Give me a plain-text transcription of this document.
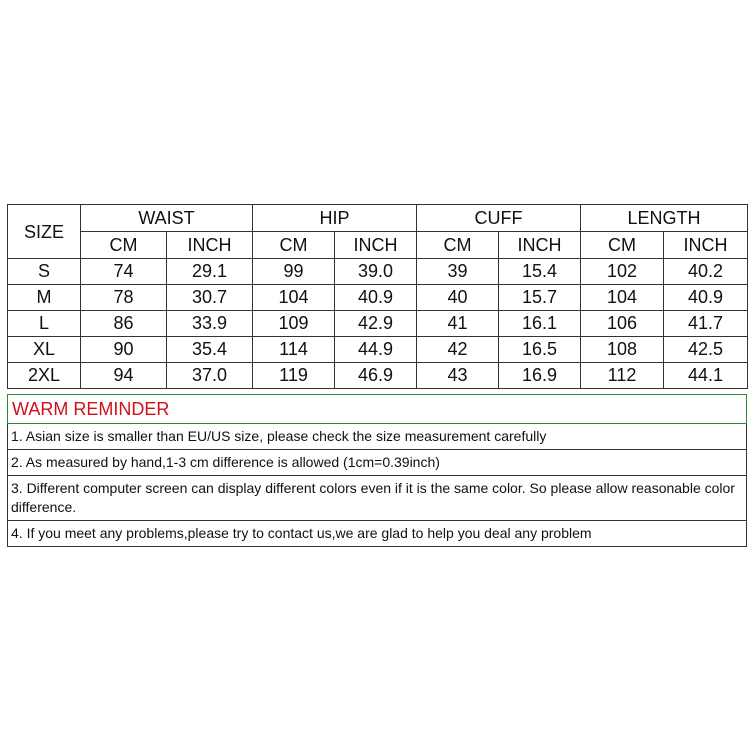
SIZE	WAIST		HIP		CUFF		LENGTH	
	CM	INCH	CM	INCH	CM	INCH	CM	INCH
S	74	29.1	99	39.0	39	15.4	102	40.2
M	78	30.7	104	40.9	40	15.7	104	40.9
L	86	33.9	109	42.9	41	16.1	106	41.7
XL	90	35.4	114	44.9	42	16.5	108	42.5
2XL	94	37.0	119	46.9	43	16.9	112	44.1
WARM REMINDER
1. Asian size is smaller than EU/US size, please check the size measurement carefully
2. As measured by hand,1-3 cm difference is allowed (1cm=0.39inch)
3. Different computer screen can display different colors even if it is the same color. So please allow reasonable color difference.
4. If you meet any problems,please try to contact us,we are glad to help you deal any problem
